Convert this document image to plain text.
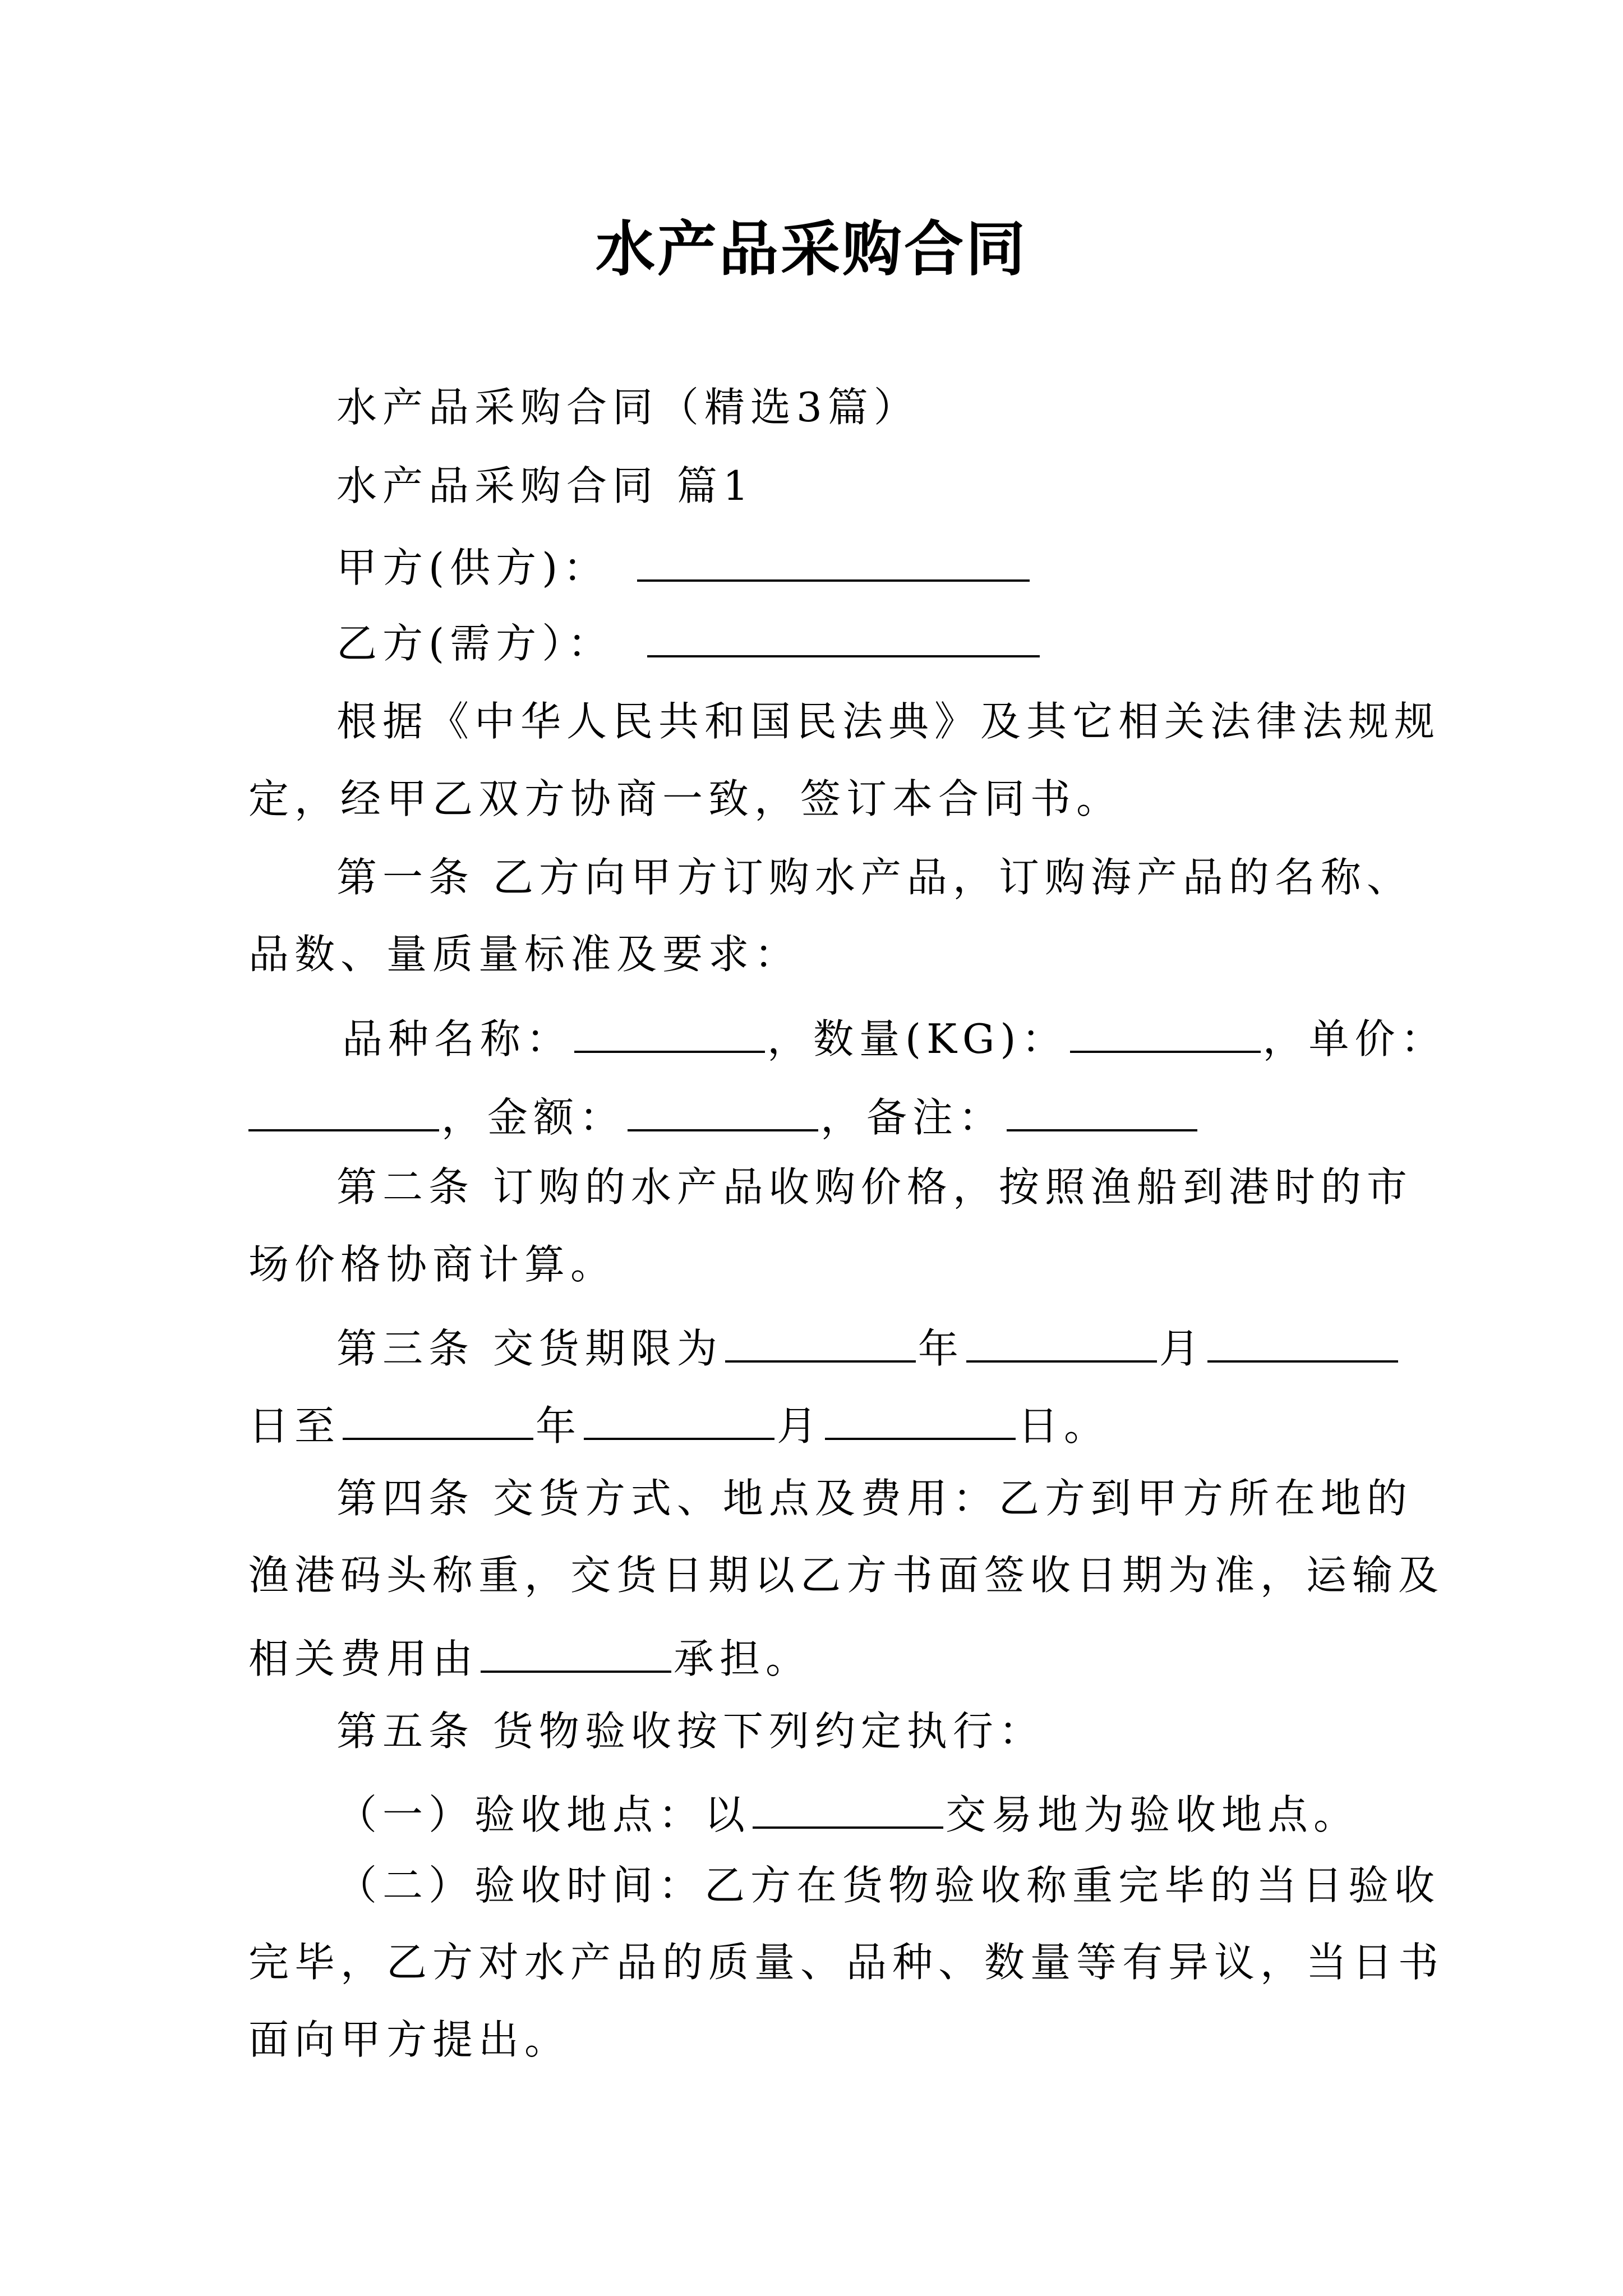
水产品采购合同
水产品采购合同（精选3篇）
水产品采购合同 篇1
甲方(供方)：
乙方(需方）：
根据《中华人民共和国民法典》及其它相关法律法规规
定，经甲乙双方协商一致，签订本合同书。
第一条 乙方向甲方订购水产品，订购海产品的名称、
品数、量质量标准及要求：
品种名称：	，数量(KG)：	，单价：
，金额：	，备注：
第二条 订购的水产品收购价格，按照渔船到港时的市
场价格协商计算。
第三条 交货期限为	年	月
日至	年	月	日。
第四条 交货方式、地点及费用：乙方到甲方所在地的
渔港码头称重，交货日期以乙方书面签收日期为准，运输及
相关费用由	承担。
第五条 货物验收按下列约定执行：
（一）验收地点：以	交易地为验收地点。
（二）验收时间：乙方在货物验收称重完毕的当日验收
完毕，乙方对水产品的质量、品种、数量等有异议，当日书
面向甲方提出。
